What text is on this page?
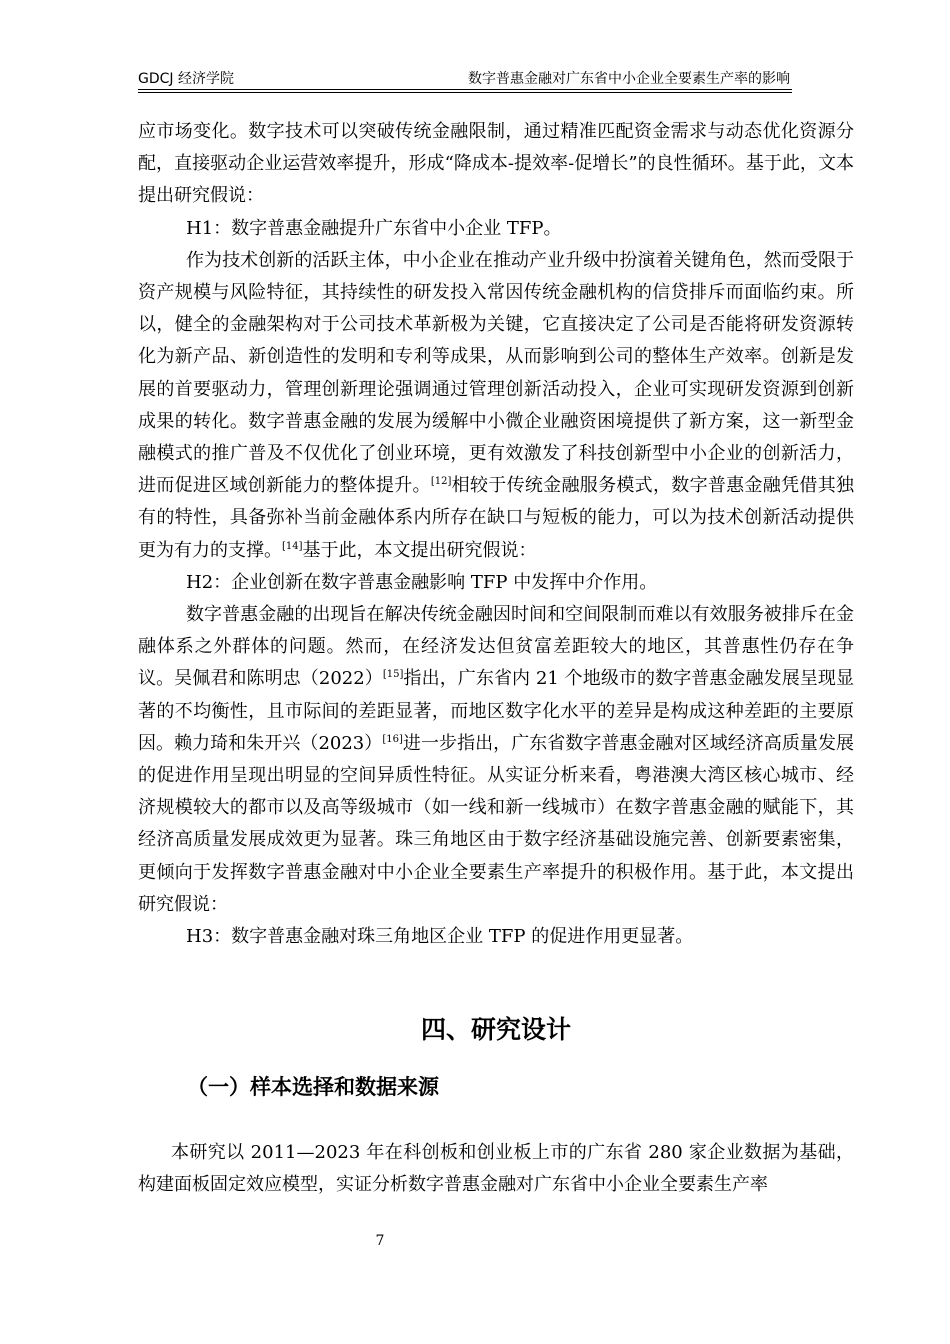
GDCJ 经济学院	数字普惠金融对广东省中小企业全要素生产率的影响

应市场变化。数字技术可以突破传统金融限制，通过精准匹配资金需求与动态优化资源分配，直接驱动企业运营效率提升，形成“降成本-提效率-促增长”的良性循环。基于此，文本提出研究假说：

H1：数字普惠金融提升广东省中小企业 TFP。

作为技术创新的活跃主体，中小企业在推动产业升级中扮演着关键角色，然而受限于资产规模与风险特征，其持续性的研发投入常因传统金融机构的信贷排斥而面临约束。所以，健全的金融架构对于公司技术革新极为关键，它直接决定了公司是否能将研发资源转化为新产品、新创造性的发明和专利等成果，从而影响到公司的整体生产效率。创新是发展的首要驱动力，管理创新理论强调通过管理创新活动投入，企业可实现研发资源到创新成果的转化。数字普惠金融的发展为缓解中小微企业融资困境提供了新方案，这一新型金融模式的推广普及不仅优化了创业环境，更有效激发了科技创新型中小企业的创新活力，进而促进区域创新能力的整体提升。[12]相较于传统金融服务模式，数字普惠金融凭借其独有的特性，具备弥补当前金融体系内所存在缺口与短板的能力，可以为技术创新活动提供更为有力的支撑。[14]基于此，本文提出研究假说：

H2：企业创新在数字普惠金融影响 TFP 中发挥中介作用。

数字普惠金融的出现旨在解决传统金融因时间和空间限制而难以有效服务被排斥在金融体系之外群体的问题。然而，在经济发达但贫富差距较大的地区，其普惠性仍存在争议。吴佩君和陈明忠（2022）[15]指出，广东省内 21 个地级市的数字普惠金融发展呈现显著的不均衡性，且市际间的差距显著，而地区数字化水平的差异是构成这种差距的主要原因。赖力琦和朱开兴（2023）[16]进一步指出，广东省数字普惠金融对区域经济高质量发展的促进作用呈现出明显的空间异质性特征。从实证分析来看，粤港澳大湾区核心城市、经济规模较大的都市以及高等级城市（如一线和新一线城市）在数字普惠金融的赋能下，其经济高质量发展成效更为显著。珠三角地区由于数字经济基础设施完善、创新要素密集，更倾向于发挥数字普惠金融对中小企业全要素生产率提升的积极作用。基于此，本文提出研究假说：

H3：数字普惠金融对珠三角地区企业 TFP 的促进作用更显著。

四、研究设计
（一）样本选择和数据来源

本研究以 2011—2023 年在科创板和创业板上市的广东省 280 家企业数据为基础，构建面板固定效应模型，实证分析数字普惠金融对广东省中小企业全要素生产率

7
